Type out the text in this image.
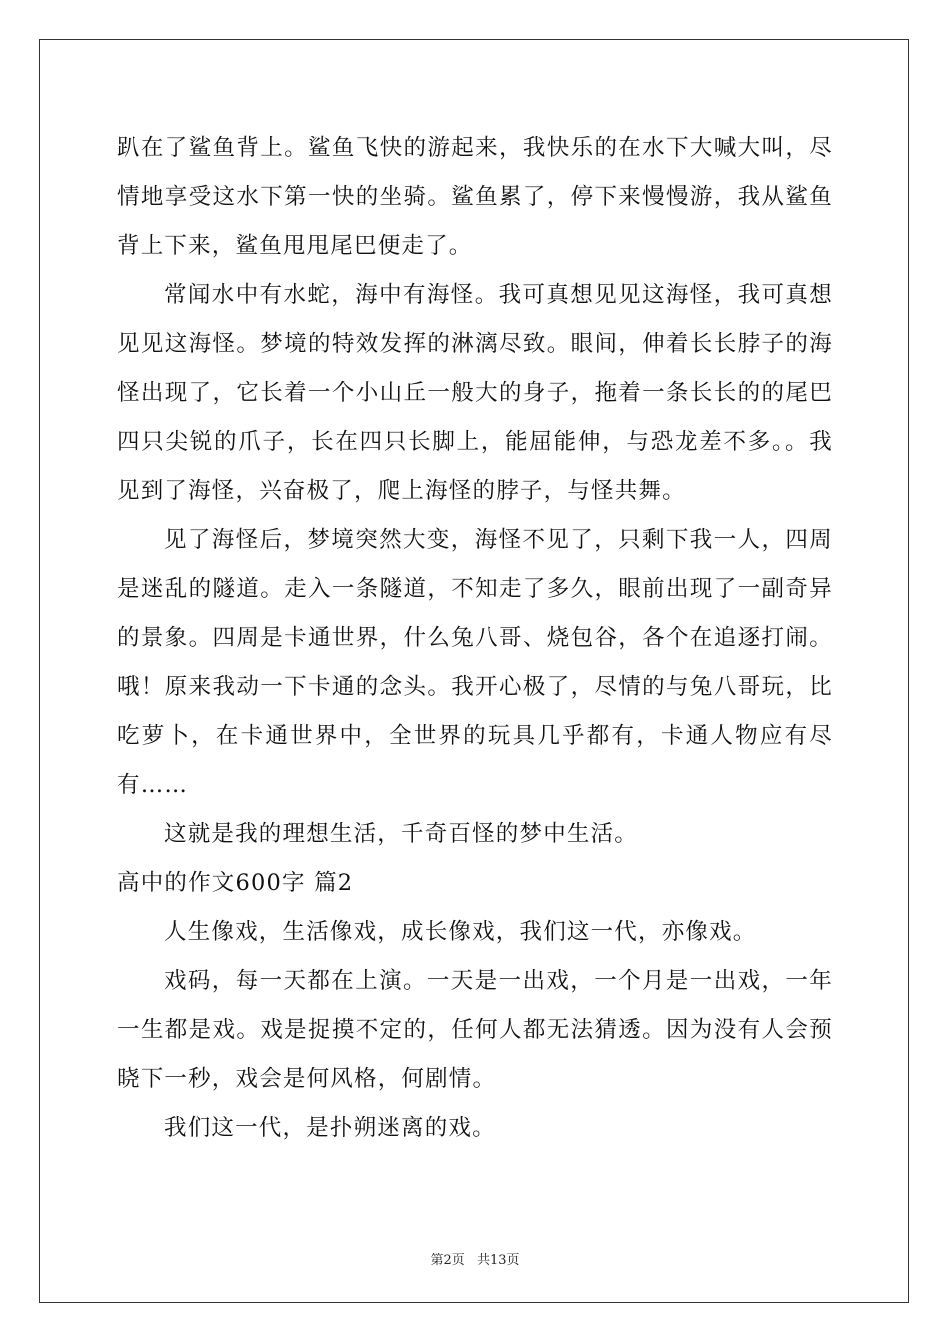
趴在了鲨鱼背上。鲨鱼飞快的游起来，我快乐的在水下大喊大叫，尽情地享受这水下第一快的坐骑。鲨鱼累了，停下来慢慢游，我从鲨鱼背上下来，鲨鱼甩甩尾巴便走了。

常闻水中有水蛇，海中有海怪。我可真想见见这海怪，我可真想见见这海怪。梦境的特效发挥的淋漓尽致。眼间，伸着长长脖子的海怪出现了，它长着一个小山丘一般大的身子，拖着一条长长的的尾巴四只尖锐的爪子，长在四只长脚上，能屈能伸，与恐龙差不多。。我见到了海怪，兴奋极了，爬上海怪的脖子，与怪共舞。

见了海怪后，梦境突然大变，海怪不见了，只剩下我一人，四周是迷乱的隧道。走入一条隧道，不知走了多久，眼前出现了一副奇异的景象。四周是卡通世界，什么兔八哥、烧包谷，各个在追逐打闹。哦！原来我动一下卡通的念头。我开心极了，尽情的与兔八哥玩，比吃萝卜，在卡通世界中，全世界的玩具几乎都有，卡通人物应有尽有……

这就是我的理想生活，千奇百怪的梦中生活。

高中的作文600字 篇2

人生像戏，生活像戏，成长像戏，我们这一代，亦像戏。

戏码，每一天都在上演。一天是一出戏，一个月是一出戏，一年一生都是戏。戏是捉摸不定的，任何人都无法猜透。因为没有人会预晓下一秒，戏会是何风格，何剧情。

我们这一代，是扑朔迷离的戏。

第2页 共13页
